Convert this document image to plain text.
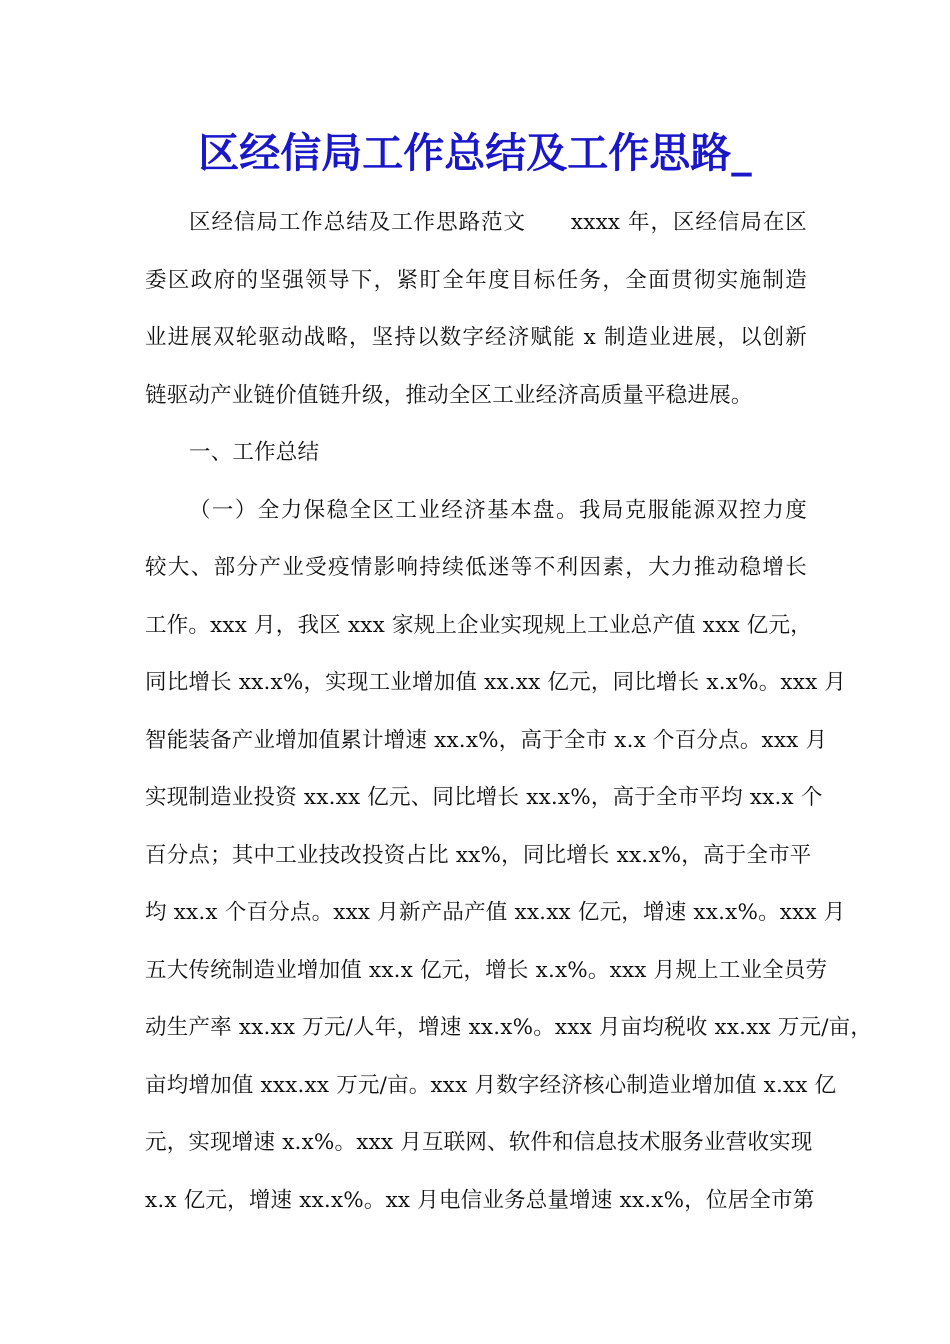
区经信局工作总结及工作思路_
区经信局工作总结及工作思路范文　　xxxx 年，区经信局在区
委区政府的坚强领导下，紧盯全年度目标任务，全面贯彻实施制造
业进展双轮驱动战略，坚持以数字经济赋能 x 制造业进展，以创新
链驱动产业链价值链升级，推动全区工业经济高质量平稳进展。
一、工作总结
（一）全力保稳全区工业经济基本盘。我局克服能源双控力度
较大、部分产业受疫情影响持续低迷等不利因素，大力推动稳增长
工作。xxx 月，我区 xxx 家规上企业实现规上工业总产值 xxx 亿元，
同比增长 xx.x%，实现工业增加值 xx.xx 亿元，同比增长 x.x%。xxx 月
智能装备产业增加值累计增速 xx.x%，高于全市 x.x 个百分点。xxx 月
实现制造业投资 xx.xx 亿元、同比增长 xx.x%，高于全市平均 xx.x 个
百分点；其中工业技改投资占比 xx%，同比增长 xx.x%，高于全市平
均 xx.x 个百分点。xxx 月新产品产值 xx.xx 亿元，增速 xx.x%。xxx 月
五大传统制造业增加值 xx.x 亿元，增长 x.x%。xxx 月规上工业全员劳
动生产率 xx.xx 万元/人年，增速 xx.x%。xxx 月亩均税收 xx.xx 万元/亩，
亩均增加值 xxx.xx 万元/亩。xxx 月数字经济核心制造业增加值 x.xx 亿
元，实现增速 x.x%。xxx 月互联网、软件和信息技术服务业营收实现
x.x 亿元，增速 xx.x%。xx 月电信业务总量增速 xx.x%，位居全市第
